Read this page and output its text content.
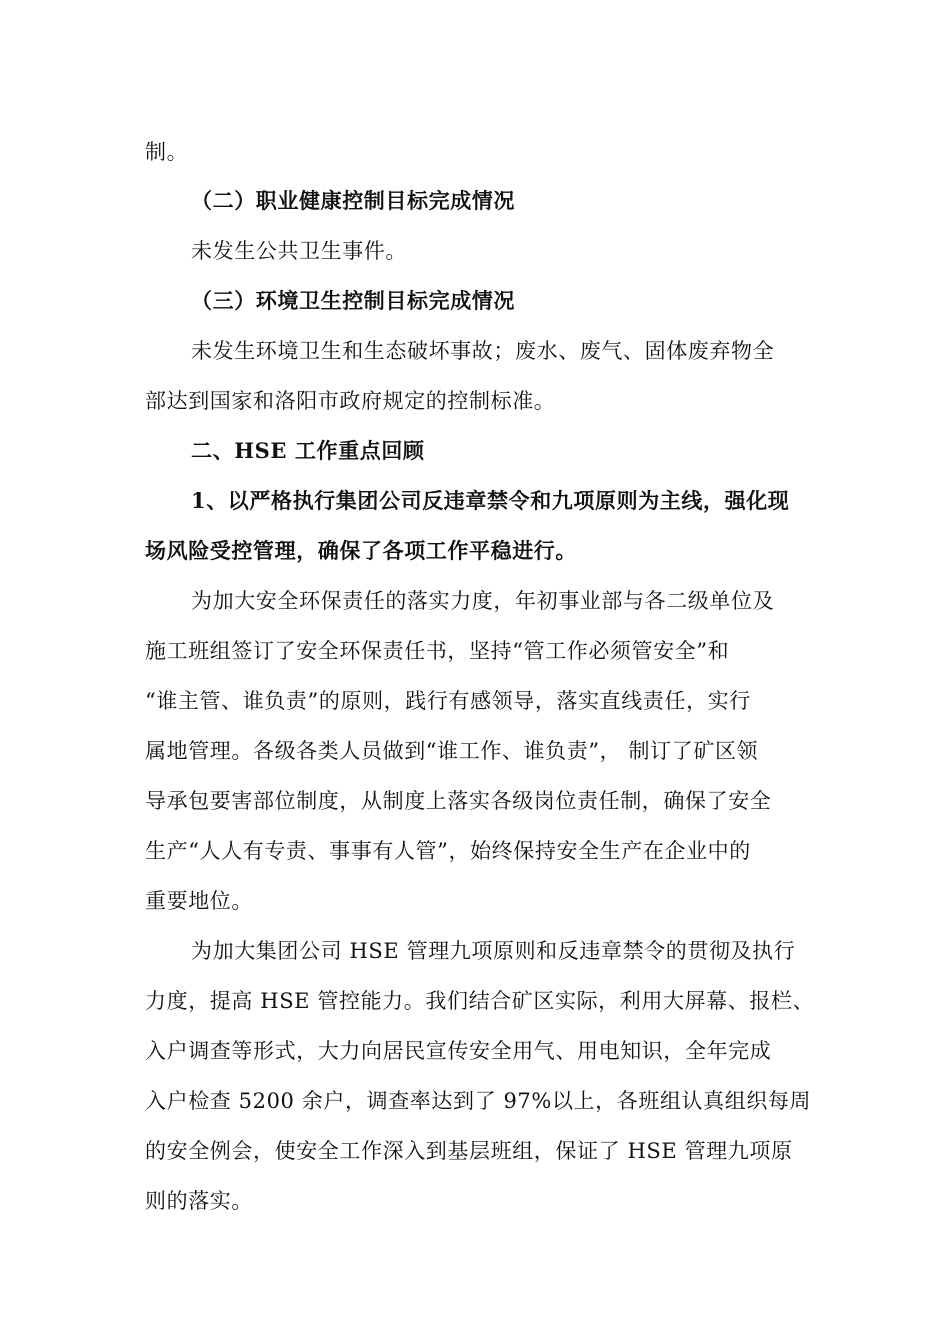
制。
（二）职业健康控制目标完成情况
未发生公共卫生事件。
（三）环境卫生控制目标完成情况
未发生环境卫生和生态破坏事故；废水、废气、固体废弃物全
部达到国家和洛阳市政府规定的控制标准。
二、HSE 工作重点回顾
1、以严格执行集团公司反违章禁令和九项原则为主线，强化现
场风险受控管理，确保了各项工作平稳进行。
为加大安全环保责任的落实力度，年初事业部与各二级单位及
施工班组签订了安全环保责任书，坚持“管工作必须管安全”和
“谁主管、谁负责”的原则，践行有感领导，落实直线责任，实行
属地管理。各级各类人员做到“谁工作、谁负责”， 制订了矿区领
导承包要害部位制度，从制度上落实各级岗位责任制，确保了安全
生产“人人有专责、事事有人管”，始终保持安全生产在企业中的
重要地位。
为加大集团公司 HSE 管理九项原则和反违章禁令的贯彻及执行
力度，提高 HSE 管控能力。我们结合矿区实际，利用大屏幕、报栏、
入户调查等形式，大力向居民宣传安全用气、用电知识，全年完成
入户检查 5200 余户，调查率达到了 97%以上，各班组认真组织每周
的安全例会，使安全工作深入到基层班组，保证了 HSE 管理九项原
则的落实。
